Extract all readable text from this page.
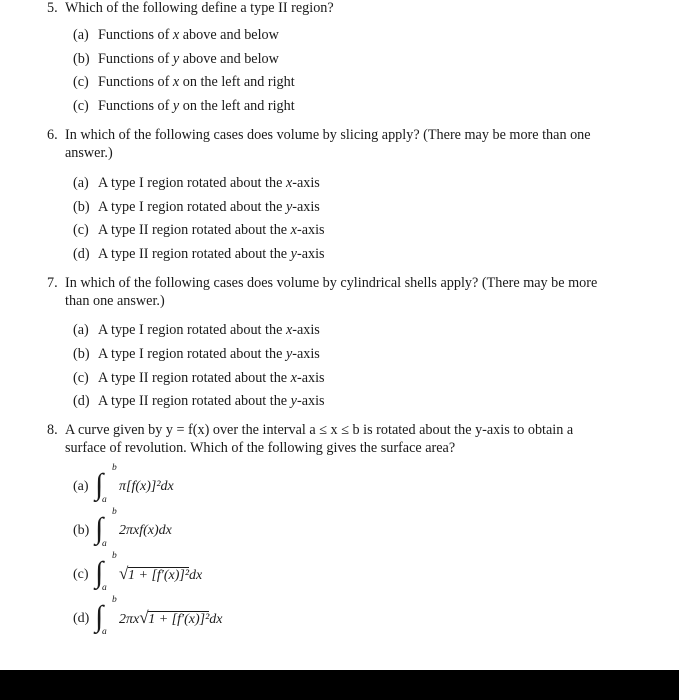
5. Which of the following define a type II region?
(a) Functions of x above and below
(b) Functions of y above and below
(c) Functions of x on the left and right
(c) Functions of y on the left and right
6. In which of the following cases does volume by slicing apply? (There may be more than one answer.)
(a) A type I region rotated about the x-axis
(b) A type I region rotated about the y-axis
(c) A type II region rotated about the x-axis
(d) A type II region rotated about the y-axis
7. In which of the following cases does volume by cylindrical shells apply? (There may be more than one answer.)
(a) A type I region rotated about the x-axis
(b) A type I region rotated about the y-axis
(c) A type II region rotated about the x-axis
(d) A type II region rotated about the y-axis
8. A curve given by y = f(x) over the interval a ≤ x ≤ b is rotated about the y-axis to obtain a surface of revolution. Which of the following gives the surface area?
(a) ∫ b
a
π[f(x)]²dx
(b) ∫ b
a
2πxf(x)dx
(c) ∫ b
a
√ 1 + [f′(x)]²dx
(d) ∫ b
a
2πx √ 1 + [f′(x)]²dx
